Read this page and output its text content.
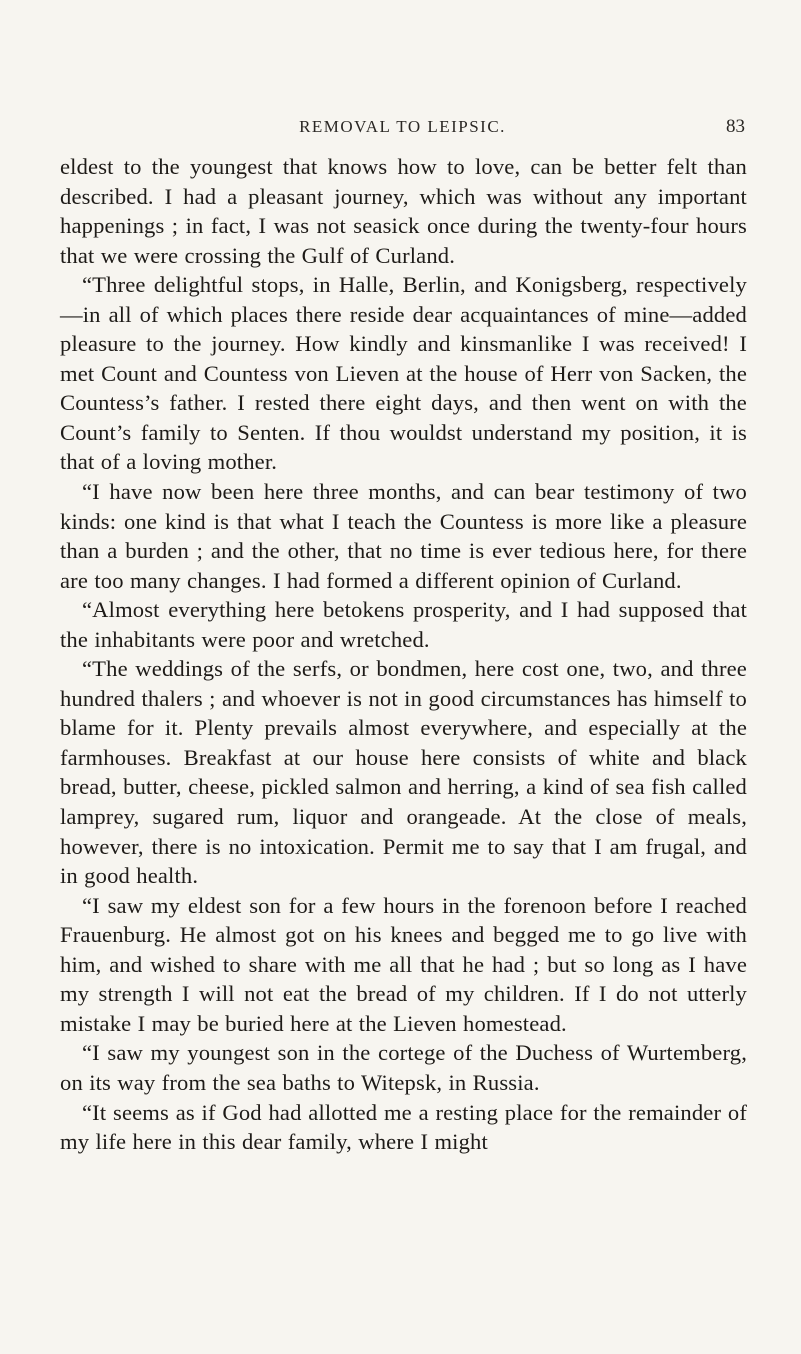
REMOVAL TO LEIPSIC.	83

eldest to the youngest that knows how to love, can be better felt than described. I had a pleasant journey, which was without any important happenings ; in fact, I was not seasick once during the twenty-four hours that we were crossing the Gulf of Curland.

“Three delightful stops, in Halle, Berlin, and Konigsberg, respectively—in all of which places there reside dear acquaintances of mine—added pleasure to the journey. How kindly and kinsmanlike I was received! I met Count and Countess von Lieven at the house of Herr von Sacken, the Countess’s father. I rested there eight days, and then went on with the Count’s family to Senten. If thou wouldst understand my position, it is that of a loving mother.

“I have now been here three months, and can bear testimony of two kinds: one kind is that what I teach the Countess is more like a pleasure than a burden ; and the other, that no time is ever tedious here, for there are too many changes. I had formed a different opinion of Curland.

“Almost everything here betokens prosperity, and I had supposed that the inhabitants were poor and wretched.

“The weddings of the serfs, or bondmen, here cost one, two, and three hundred thalers ; and whoever is not in good circumstances has himself to blame for it. Plenty prevails almost everywhere, and especially at the farmhouses. Breakfast at our house here consists of white and black bread, butter, cheese, pickled salmon and herring, a kind of sea fish called lamprey, sugared rum, liquor and orangeade. At the close of meals, however, there is no intoxication. Permit me to say that I am frugal, and in good health.

“I saw my eldest son for a few hours in the forenoon before I reached Frauenburg. He almost got on his knees and begged me to go live with him, and wished to share with me all that he had ; but so long as I have my strength I will not eat the bread of my children. If I do not utterly mistake I may be buried here at the Lieven homestead.

“I saw my youngest son in the cortege of the Duchess of Wurtemberg, on its way from the sea baths to Witepsk, in Russia.

“It seems as if God had allotted me a resting place for the remainder of my life here in this dear family, where I might
